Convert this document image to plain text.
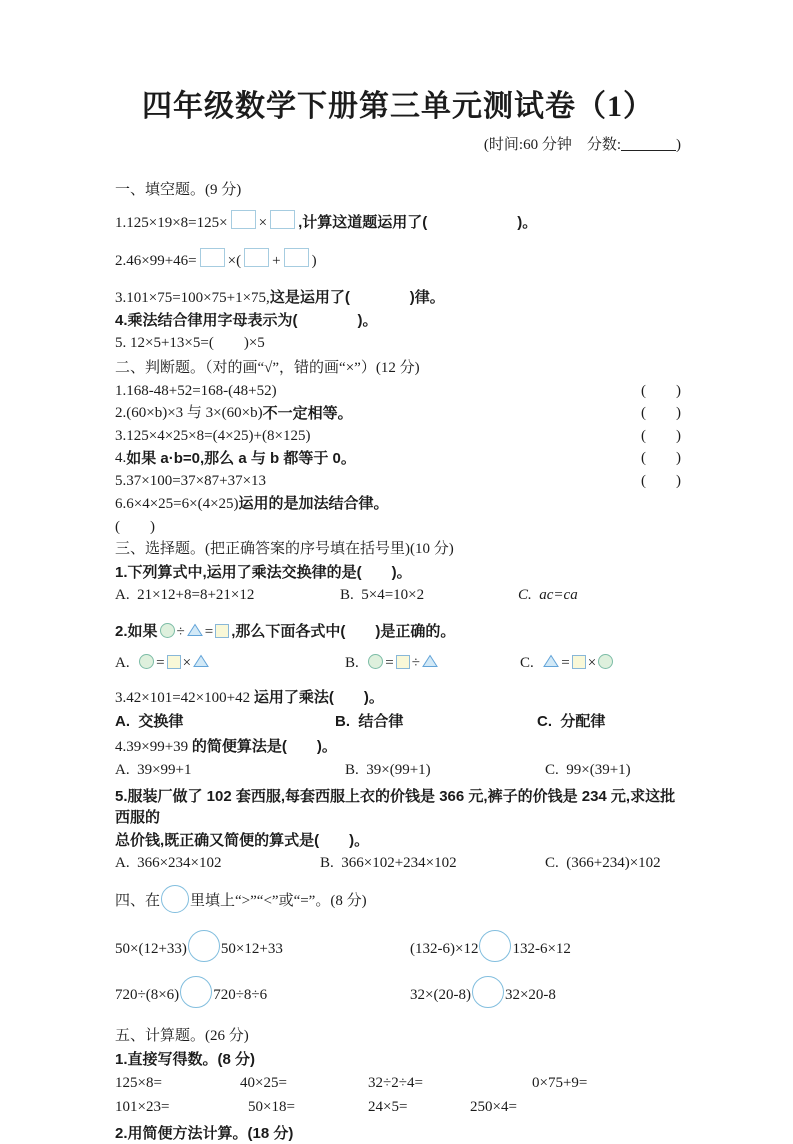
四年级数学下册第三单元测试卷（1）
(时间:60 分钟　分数:	)
一、填空题。(9 分)
1.125×19×8=125× × ,计算这道题运用了(　　　　　　)。
2.46×99+46= ×( + )
3.101×75=100×75+1×75,这是运用了(　　　　)律。
4.乘法结合律用字母表示为(　　　　)。
5. 12×5+13×5=(　　)×5
二、判断题。（对的画“√”，错的画“×”）(12 分)
1.168-48+52=168-(48+52)	(　　)
2.(60×b)×3 与 3×(60×b) 不一定相等。	(　　)
3.125×4×25×8=(4×25)+(8×125)	(　　)
4. 如果 a·b=0,那么 a 与 b 都等于 0。	(　　)
5.37×100=37×87+37×13	(　　)
6.6×4×25=6×(4×25)运用的是加法结合律。
(　　)
三、选择题。(把正确答案的序号填在括号里)(10 分)
1.下列算式中,运用了乘法交换律的是(　　)。
A.  21×12+8=8+21×12	B.  5×4=10×2	C.  ac=ca
2.如果 ÷ = ,那么下面各式中(　　)是正确的。
A. = ×	B. = ÷	C. = ×
3.42×101=42×100+42 运用了乘法(　　)。
A.  交换律	B.  结合律	C.  分配律
4.39×99+39 的简便算法是(　　)。
A.  39×99+1	B.  39×(99+1)	C.  99×(39+1)
5.服装厂做了 102 套西服,每套西服上衣的价钱是 366 元,裤子的价钱是 234 元,求这批西服的
总价钱,既正确又简便的算式是(　　)。
A.  366×234×102	B.  366×102+234×102	C.  (366+234)×102
四、在 里填上“>”“<”或“=”。(8 分)
50×(12+33) 50×12+33	(132-6)×12 132-6×12
720÷(8×6) 720÷8÷6	32×(20-8) 32×20-8
五、计算题。(26 分)
1.直接写得数。(8 分)
125×8=	40×25=	32÷2÷4=	0×75+9=
101×23=	50×18=	24×5=	250×4=
2.用简便方法计算。(18 分)
